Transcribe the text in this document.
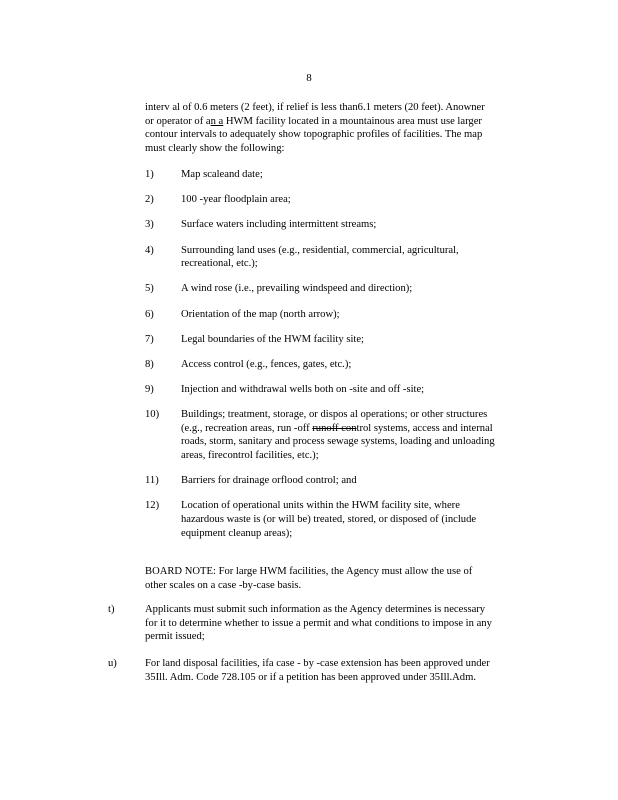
8
interv al of 0.6 meters (2 feet), if relief is less than6.1 meters (20 feet). Anowner
or operator of an a HWM facility located in a mountainous area must use larger
contour intervals to adequately show topographic profiles of facilities. The map
must clearly show the following:
1)	Map scaleand date;
2)	100 -year floodplain area;
3)	Surface waters including intermittent streams;
4)	Surrounding land uses (e.g., residential, commercial, agricultural,
recreational, etc.);
5)	A wind rose (i.e., prevailing windspeed and direction);
6)	Orientation of the map (north arrow);
7)	Legal boundaries of the HWM facility site;
8)	Access control (e.g., fences, gates, etc.);
9)	Injection and withdrawal wells both on -site and off -site;
10) Buildings; treatment, storage, or dispos al operations; or other structures
(e.g., recreation areas, run -off runoff control systems, access and internal
roads, storm, sanitary and process sewage systems, loading and unloading
areas, firecontrol facilities, etc.);
11) Barriers for drainage orflood control; and
12) Location of operational units within the HWM facility site, where
hazardous waste is (or will be) treated, stored, or disposed of (include
equipment cleanup areas);
BOARD NOTE: For large HWM facilities, the Agency must allow the use of
other scales on a case -by-case basis.
t)	Applicants must submit such information as the Agency determines is necessary
for it to determine whether to issue a permit and what conditions to impose in any
permit issued;
u)	For land disposal facilities, ifa case - by -case extension has been approved under
35Ill. Adm. Code 728.105 or if a petition has been approved under 35Ill.Adm.
